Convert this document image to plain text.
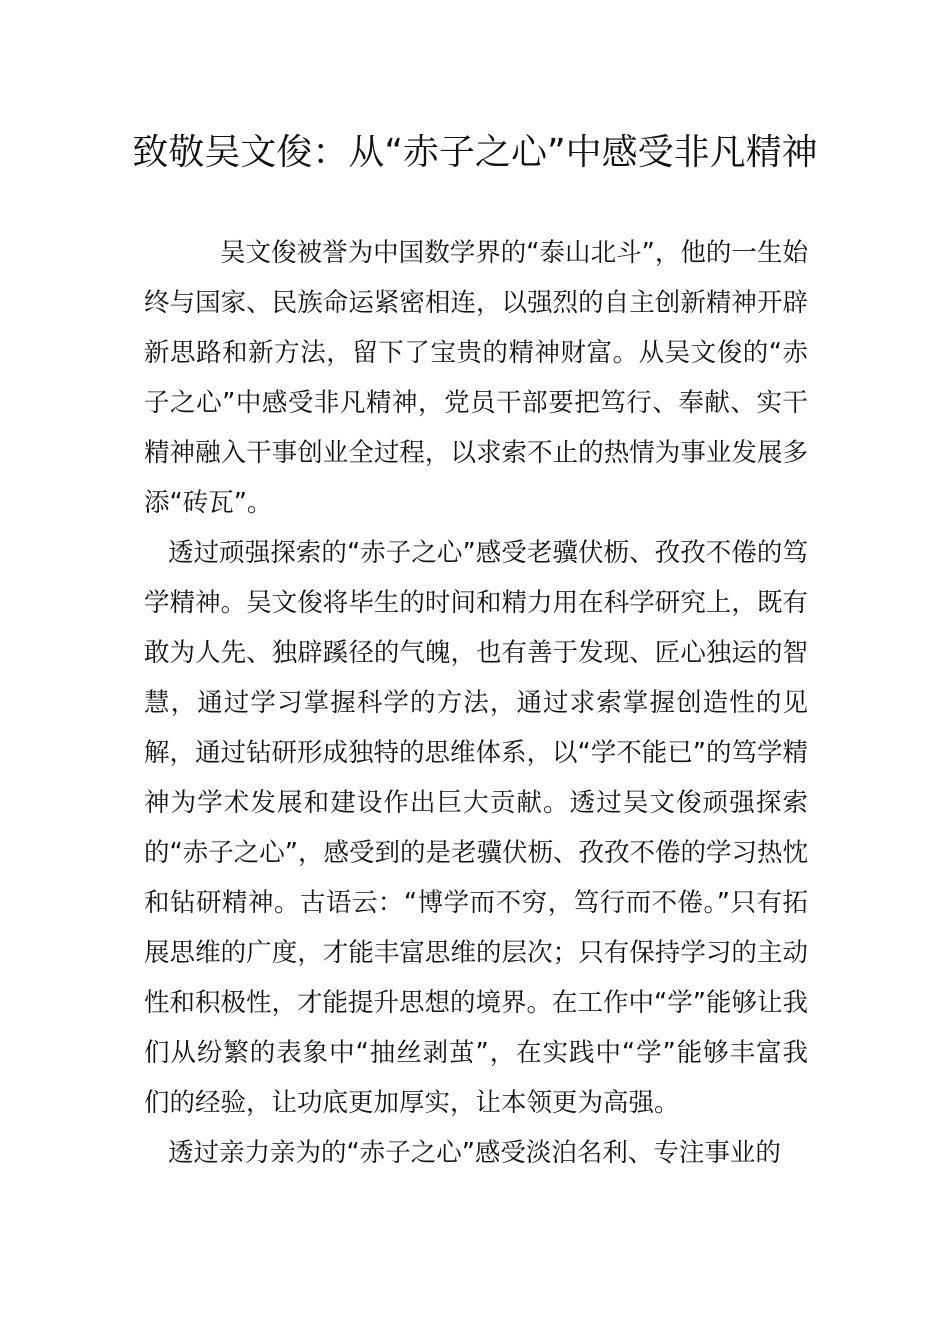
致敬吴文俊：从“赤子之心”中感受非凡精神

吴文俊被誉为中国数学界的“泰山北斗”，他的一生始终与国家、民族命运紧密相连，以强烈的自主创新精神开辟新思路和新方法，留下了宝贵的精神财富。从吴文俊的“赤子之心”中感受非凡精神，党员干部要把笃行、奉献、实干精神融入干事创业全过程，以求索不止的热情为事业发展多添“砖瓦”。

透过顽强探索的“赤子之心”感受老骥伏枥、孜孜不倦的笃学精神。吴文俊将毕生的时间和精力用在科学研究上，既有敢为人先、独辟蹊径的气魄，也有善于发现、匠心独运的智慧，通过学习掌握科学的方法，通过求索掌握创造性的见解，通过钻研形成独特的思维体系，以“学不能已”的笃学精神为学术发展和建设作出巨大贡献。透过吴文俊顽强探索的“赤子之心”，感受到的是老骥伏枥、孜孜不倦的学习热忱和钻研精神。古语云：“博学而不穷，笃行而不倦。”只有拓展思维的广度，才能丰富思维的层次；只有保持学习的主动性和积极性，才能提升思想的境界。在工作中“学”能够让我们从纷繁的表象中“抽丝剥茧”，在实践中“学”能够丰富我们的经验，让功底更加厚实，让本领更为高强。

透过亲力亲为的“赤子之心”感受淡泊名利、专注事业的
